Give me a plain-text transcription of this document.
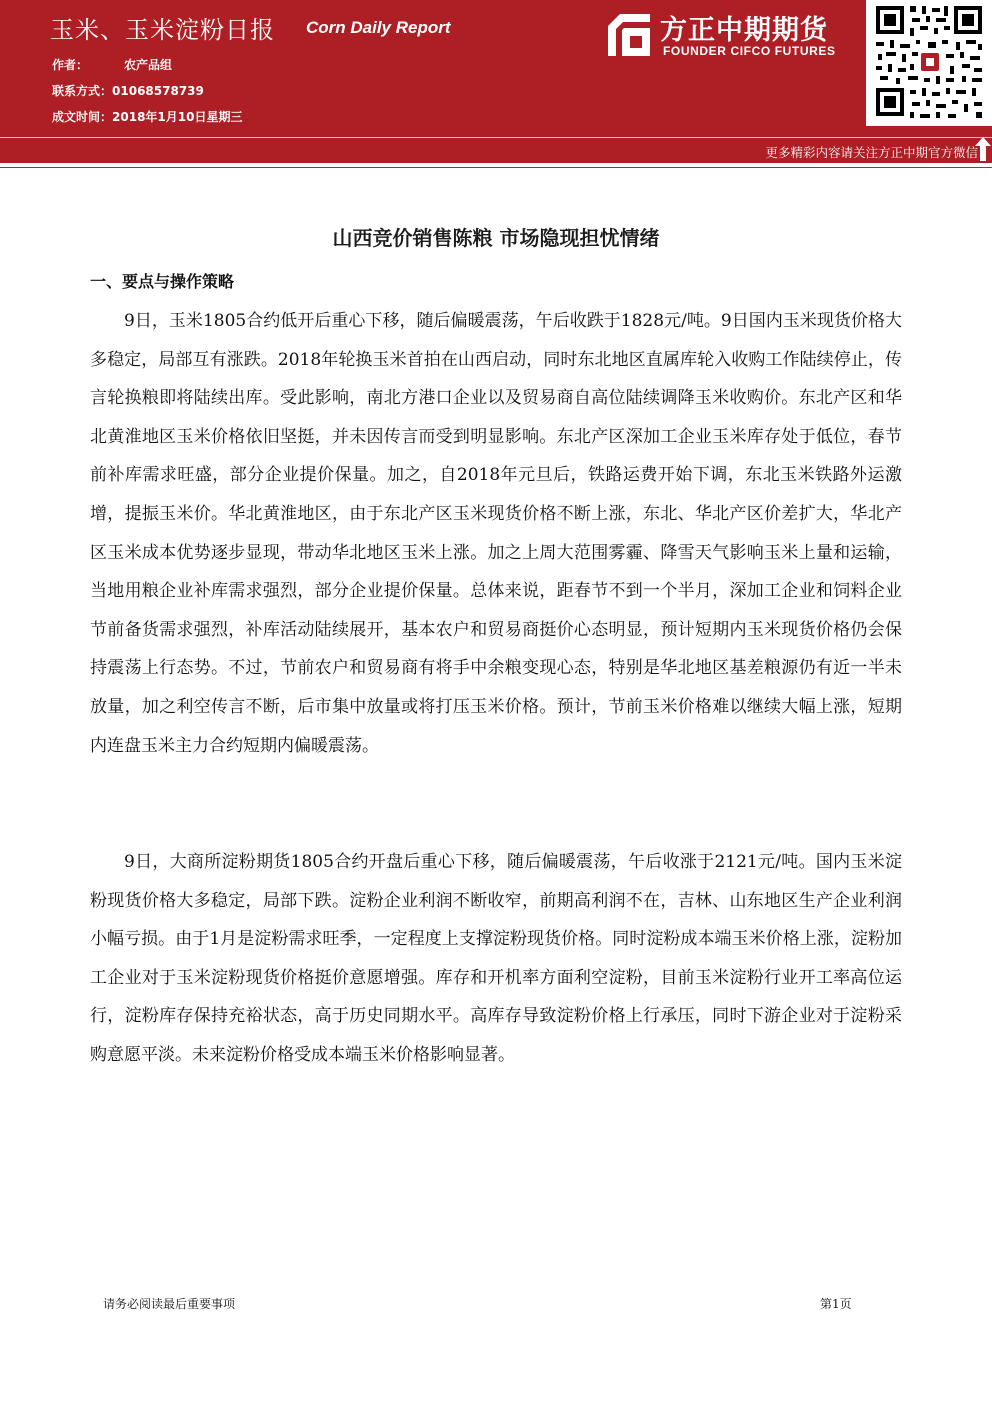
玉米、玉米淀粉日报 Corn Daily Report
作者：	农产品组
联系方式：01068578739
成文时间：2018年1月10日星期三
方正中期期货
FOUNDER CIFCO FUTURES
更多精彩内容请关注方正中期官方微信
山西竞价销售陈粮 市场隐现担忧情绪
一、要点与操作策略

9日，玉米1805合约低开后重心下移，随后偏暖震荡，午后收跌于1828元/吨。9日国内玉米现货价格大多稳定，局部互有涨跌。2018年轮换玉米首拍在山西启动，同时东北地区直属库轮入收购工作陆续停止，传言轮换粮即将陆续出库。受此影响，南北方港口企业以及贸易商自高位陆续调降玉米收购价。东北产区和华北黄淮地区玉米价格依旧坚挺，并未因传言而受到明显影响。东北产区深加工企业玉米库存处于低位，春节前补库需求旺盛，部分企业提价保量。加之，自2018年元旦后，铁路运费开始下调，东北玉米铁路外运激增，提振玉米价。华北黄淮地区，由于东北产区玉米现货价格不断上涨，东北、华北产区价差扩大，华北产区玉米成本优势逐步显现，带动华北地区玉米上涨。加之上周大范围雾霾、降雪天气影响玉米上量和运输，当地用粮企业补库需求强烈，部分企业提价保量。总体来说，距春节不到一个半月，深加工企业和饲料企业节前备货需求强烈，补库活动陆续展开，基本农户和贸易商挺价心态明显，预计短期内玉米现货价格仍会保持震荡上行态势。不过，节前农户和贸易商有将手中余粮变现心态，特别是华北地区基差粮源仍有近一半未放量，加之利空传言不断，后市集中放量或将打压玉米价格。预计，节前玉米价格难以继续大幅上涨，短期内连盘玉米主力合约短期内偏暖震荡。

9日，大商所淀粉期货1805合约开盘后重心下移，随后偏暖震荡，午后收涨于2121元/吨。国内玉米淀粉现货价格大多稳定，局部下跌。淀粉企业利润不断收窄，前期高利润不在，吉林、山东地区生产企业利润小幅亏损。由于1月是淀粉需求旺季，一定程度上支撑淀粉现货价格。同时淀粉成本端玉米价格上涨，淀粉加工企业对于玉米淀粉现货价格挺价意愿增强。库存和开机率方面利空淀粉，目前玉米淀粉行业开工率高位运行，淀粉库存保持充裕状态，高于历史同期水平。高库存导致淀粉价格上行承压，同时下游企业对于淀粉采购意愿平淡。未来淀粉价格受成本端玉米价格影响显著。

请务必阅读最后重要事项	第1页
